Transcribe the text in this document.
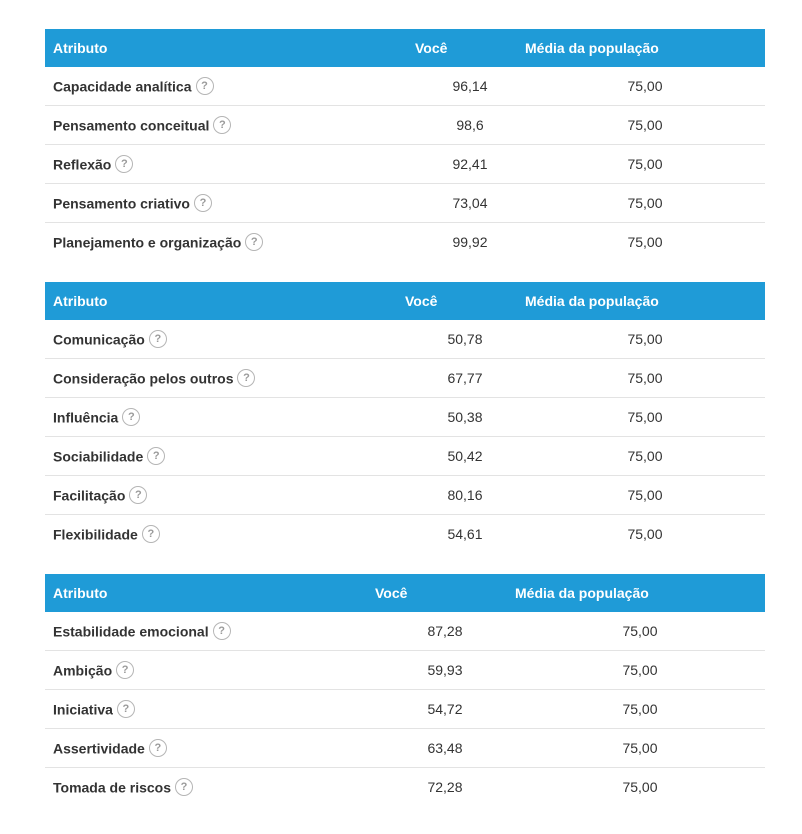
Atributo	Você	Média da população
Capacidade analítica ?	96,14	75,00
Pensamento conceitual ?	98,6	75,00
Reflexão ?	92,41	75,00
Pensamento criativo ?	73,04	75,00
Planejamento e organização ?	99,92	75,00
Atributo	Você	Média da população
Comunicação ?	50,78	75,00
Consideração pelos outros ?	67,77	75,00
Influência ?	50,38	75,00
Sociabilidade ?	50,42	75,00
Facilitação ?	80,16	75,00
Flexibilidade ?	54,61	75,00
Atributo	Você	Média da população
Estabilidade emocional ?	87,28	75,00
Ambição ?	59,93	75,00
Iniciativa ?	54,72	75,00
Assertividade ?	63,48	75,00
Tomada de riscos ?	72,28	75,00
